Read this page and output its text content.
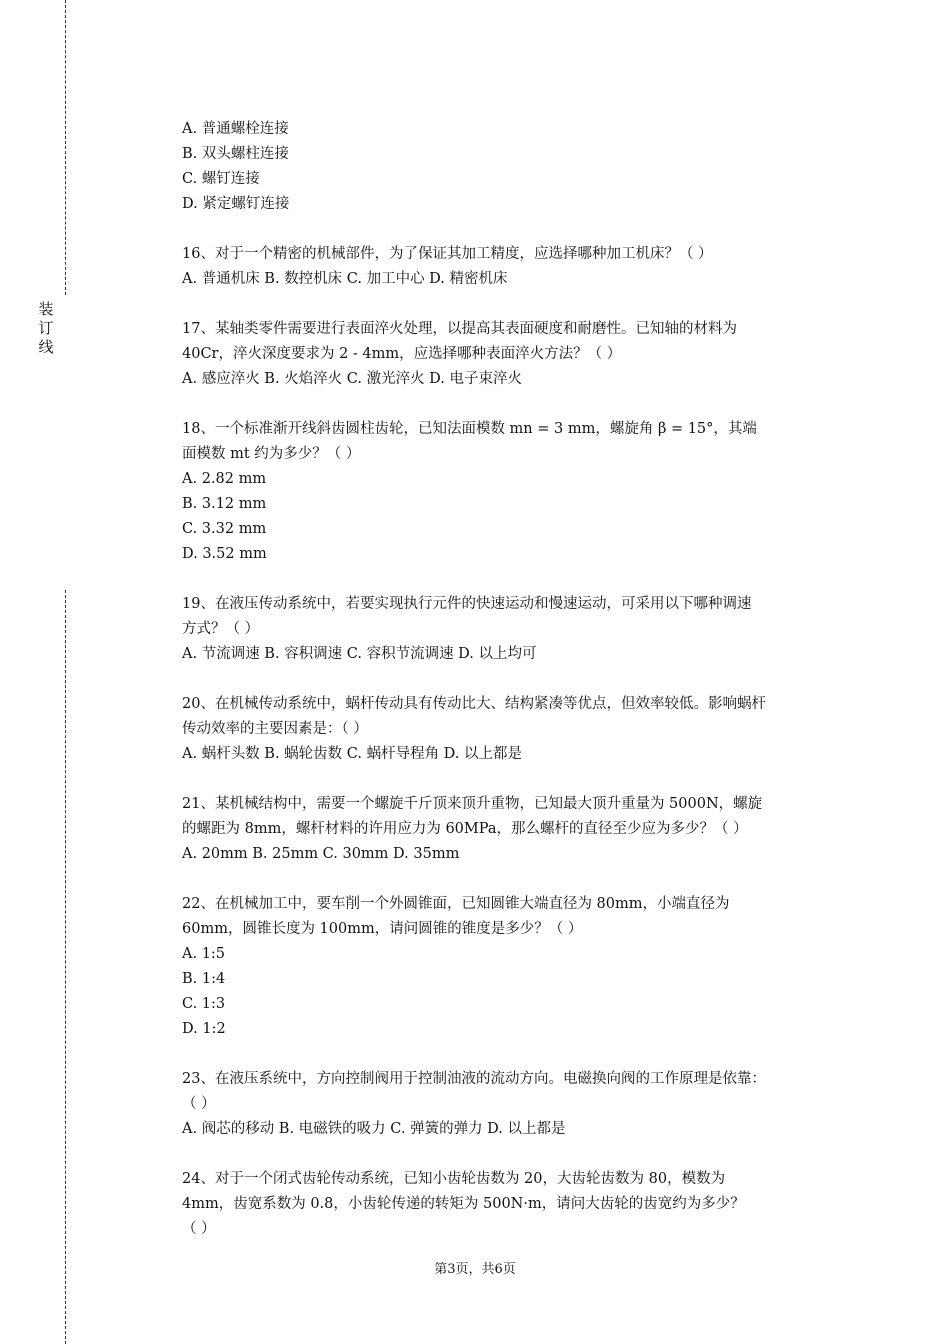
装
订
线
A. 普通螺栓连接
B. 双头螺柱连接
C. 螺钉连接
D. 紧定螺钉连接
16、对于一个精密的机械部件，为了保证其加工精度，应选择哪种加工机床？（ ）
A. 普通机床 B. 数控机床 C. 加工中心 D. 精密机床
17、某轴类零件需要进行表面淬火处理，以提高其表面硬度和耐磨性。已知轴的材料为
40Cr，淬火深度要求为 2 - 4mm，应选择哪种表面淬火方法？（ ）
A. 感应淬火 B. 火焰淬火 C. 激光淬火 D. 电子束淬火
18、一个标准渐开线斜齿圆柱齿轮，已知法面模数 mn = 3 mm，螺旋角 β = 15°，其端
面模数 mt 约为多少？（ ）
A. 2.82 mm
B. 3.12 mm
C. 3.32 mm
D. 3.52 mm
19、在液压传动系统中，若要实现执行元件的快速运动和慢速运动，可采用以下哪种调速
方式？（ ）
A. 节流调速 B. 容积调速 C. 容积节流调速 D. 以上均可
20、在机械传动系统中，蜗杆传动具有传动比大、结构紧凑等优点，但效率较低。影响蜗杆
传动效率的主要因素是：（ ）
A. 蜗杆头数 B. 蜗轮齿数 C. 蜗杆导程角 D. 以上都是
21、某机械结构中，需要一个螺旋千斤顶来顶升重物，已知最大顶升重量为 5000N，螺旋
的螺距为 8mm，螺杆材料的许用应力为 60MPa，那么螺杆的直径至少应为多少？（ ）
A. 20mm B. 25mm C. 30mm D. 35mm
22、在机械加工中，要车削一个外圆锥面，已知圆锥大端直径为 80mm，小端直径为
60mm，圆锥长度为 100mm，请问圆锥的锥度是多少？（ ）
A. 1:5
B. 1:4
C. 1:3
D. 1:2
23、在液压系统中，方向控制阀用于控制油液的流动方向。电磁换向阀的工作原理是依靠：
（ ）
A. 阀芯的移动 B. 电磁铁的吸力 C. 弹簧的弹力 D. 以上都是
24、对于一个闭式齿轮传动系统，已知小齿轮齿数为 20，大齿轮齿数为 80，模数为
4mm，齿宽系数为 0.8，小齿轮传递的转矩为 500N·m，请问大齿轮的齿宽约为多少？
（ ）
第3页，共6页
